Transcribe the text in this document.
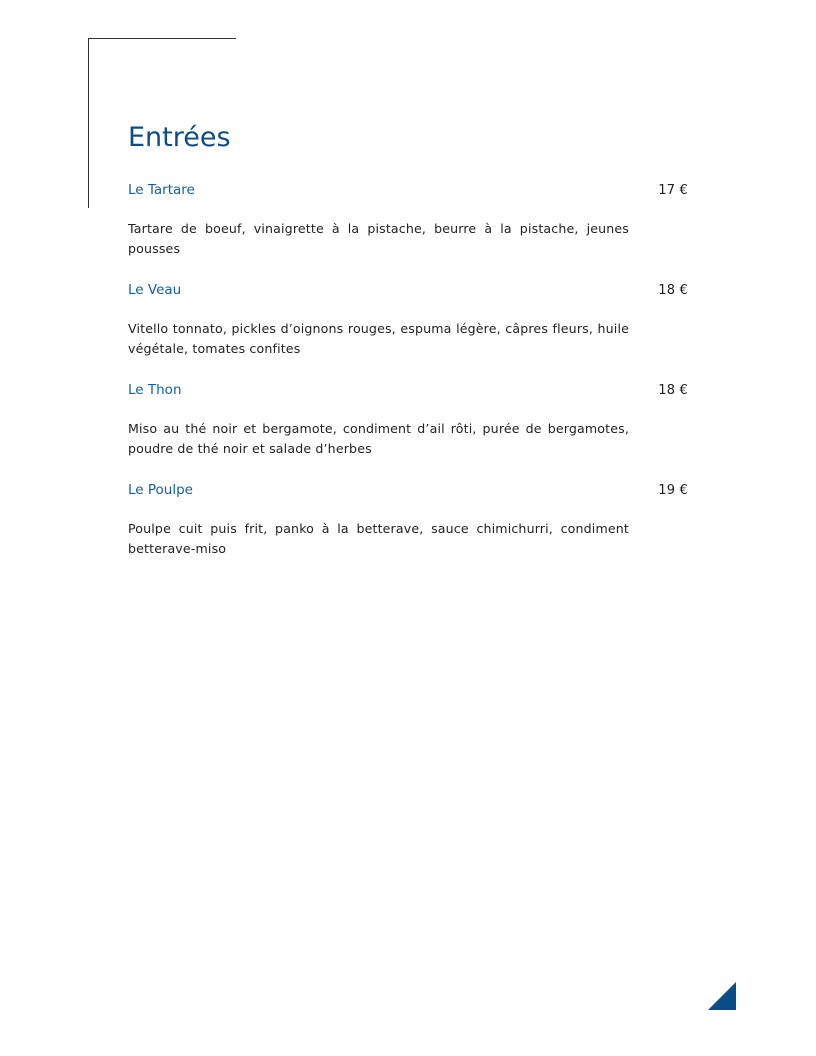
Entrées
Le Tartare	17 €

Tartare de boeuf, vinaigrette à la pistache, beurre à la pistache, jeunes pousses

Le Veau	18 €

Vitello tonnato, pickles d’oignons rouges, espuma légère, câpres fleurs, huile végétale, tomates confites

Le Thon	18 €

Miso au thé noir et bergamote, condiment d’ail rôti, purée de bergamotes, poudre de thé noir et salade d’herbes

Le Poulpe	19 €

Poulpe cuit puis frit, panko à la betterave, sauce chimichurri, condiment betterave-miso
